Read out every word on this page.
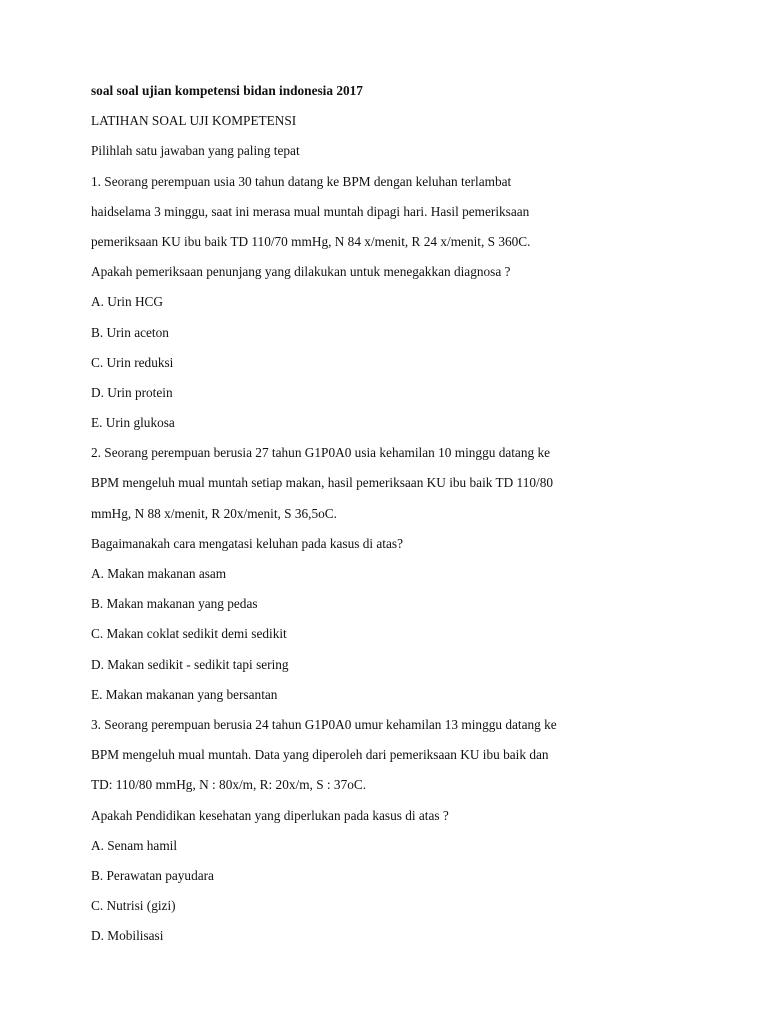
soal soal ujian kompetensi bidan indonesia 2017

LATIHAN SOAL UJI KOMPETENSI

Pilihlah satu jawaban yang paling tepat

1. Seorang perempuan usia 30 tahun datang ke BPM dengan keluhan terlambat

haidselama 3 minggu, saat ini merasa mual muntah dipagi hari. Hasil pemeriksaan

pemeriksaan KU ibu baik TD 110/70 mmHg, N 84 x/menit, R 24 x/menit, S 360C.

Apakah pemeriksaan penunjang yang dilakukan untuk menegakkan diagnosa ?

A. Urin HCG

B. Urin aceton

C. Urin reduksi

D. Urin protein

E. Urin glukosa

2. Seorang perempuan berusia 27 tahun G1P0A0 usia kehamilan 10 minggu datang ke

BPM mengeluh mual muntah setiap makan, hasil pemeriksaan KU ibu baik TD 110/80

mmHg, N 88 x/menit, R 20x/menit, S 36,5oC.

Bagaimanakah cara mengatasi keluhan pada kasus di atas?

A. Makan makanan asam

B. Makan makanan yang pedas

C. Makan coklat sedikit demi sedikit

D. Makan sedikit - sedikit tapi sering

E. Makan makanan yang bersantan

3. Seorang perempuan berusia 24 tahun G1P0A0 umur kehamilan 13 minggu datang ke

BPM mengeluh mual muntah. Data yang diperoleh dari pemeriksaan KU ibu baik dan

TD: 110/80 mmHg, N : 80x/m, R: 20x/m, S : 37oC.

Apakah Pendidikan kesehatan yang diperlukan pada kasus di atas ?

A. Senam hamil

B. Perawatan payudara

C. Nutrisi (gizi)

D. Mobilisasi
